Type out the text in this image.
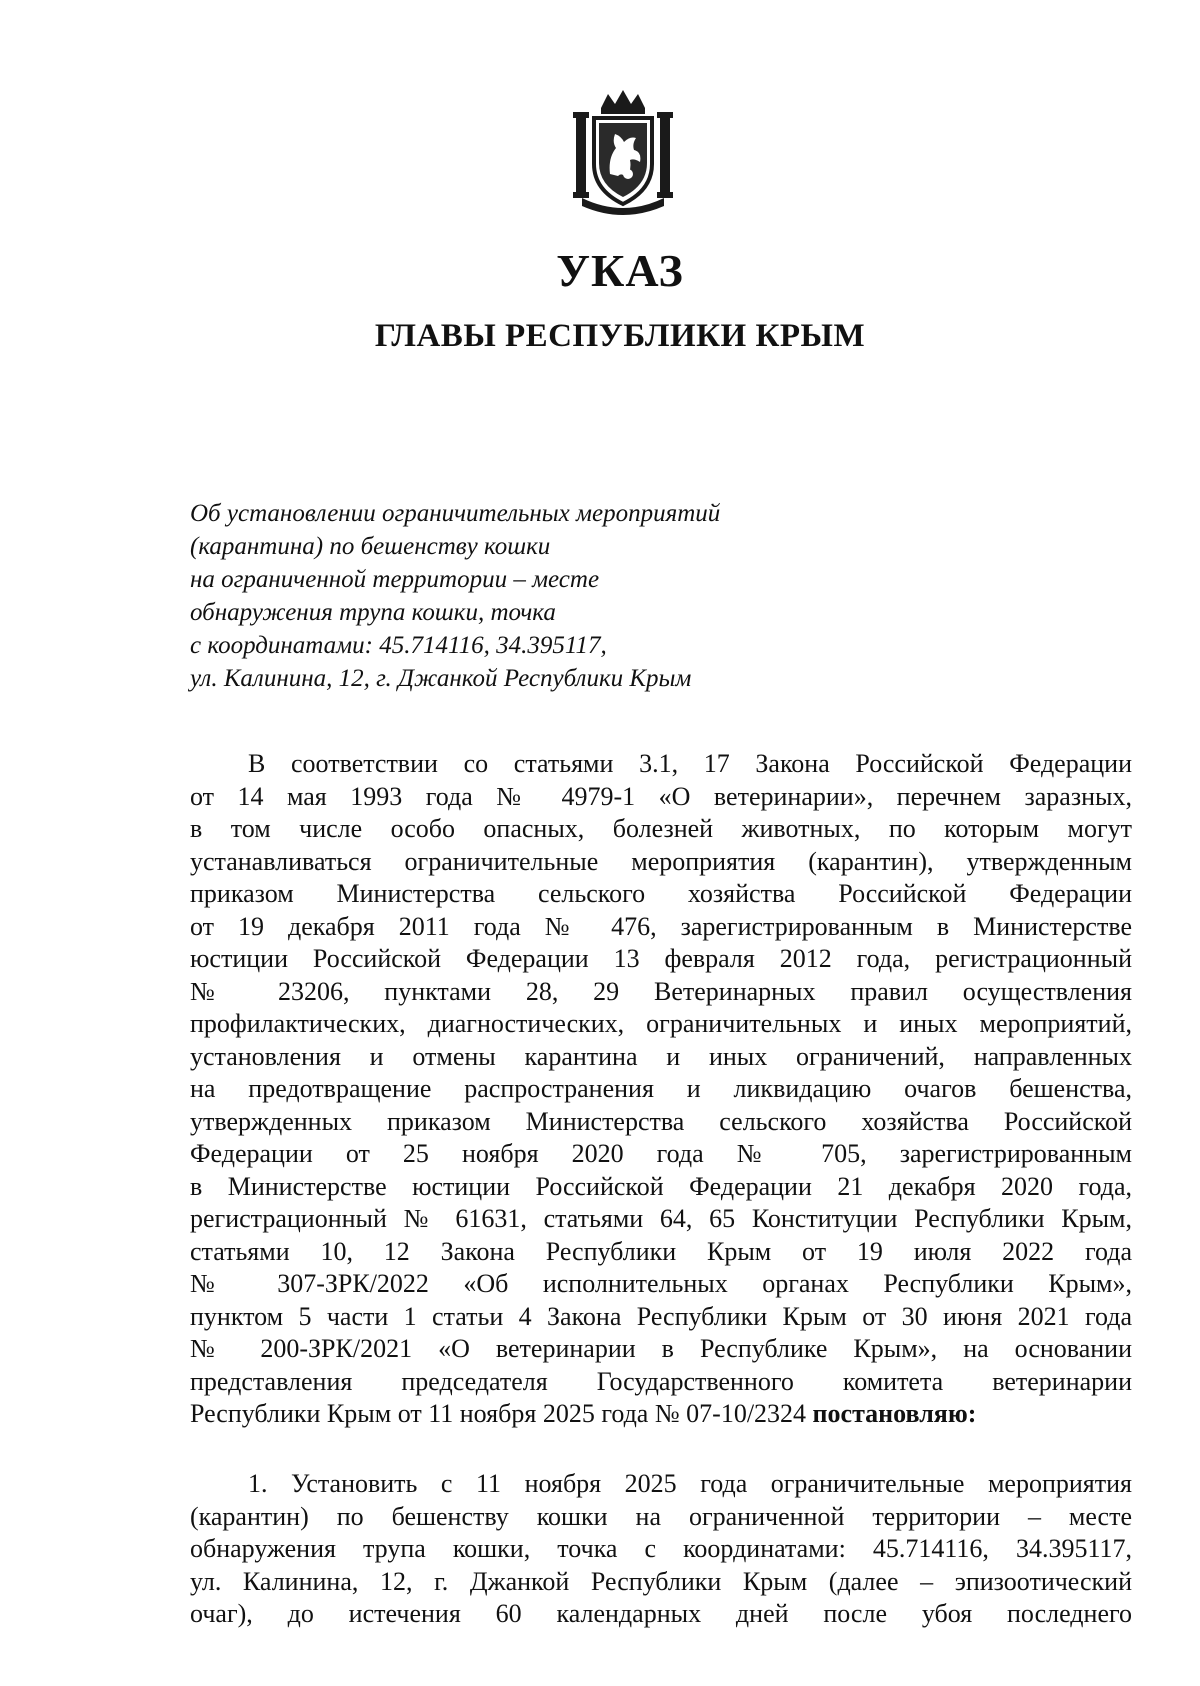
УКАЗ
ГЛАВЫ РЕСПУБЛИКИ КРЫМ
Об установлении ограничительных мероприятий
(карантина) по бешенству кошки
на ограниченной территории – месте
обнаружения трупа кошки, точка
с координатами: 45.714116, 34.395117,
ул. Калинина, 12, г. Джанкой Республики Крым
В соответствии со статьями 3.1, 17 Закона Российской Федерации
от 14 мая 1993 года № 4979-1 «О ветеринарии», перечнем заразных,
в том числе особо опасных, болезней животных, по которым могут
устанавливаться ограничительные мероприятия (карантин), утвержденным
приказом Министерства сельского хозяйства Российской Федерации
от 19 декабря 2011 года № 476, зарегистрированным в Министерстве
юстиции Российской Федерации 13 февраля 2012 года, регистрационный
№ 23206, пунктами 28, 29 Ветеринарных правил осуществления
профилактических, диагностических, ограничительных и иных мероприятий,
установления и отмены карантина и иных ограничений, направленных
на предотвращение распространения и ликвидацию очагов бешенства,
утвержденных приказом Министерства сельского хозяйства Российской
Федерации от 25 ноября 2020 года № 705, зарегистрированным
в Министерстве юстиции Российской Федерации 21 декабря 2020 года,
регистрационный № 61631, статьями 64, 65 Конституции Республики Крым,
статьями 10, 12 Закона Республики Крым от 19 июля 2022 года
№ 307-ЗРК/2022 «Об исполнительных органах Республики Крым»,
пунктом 5 части 1 статьи 4 Закона Республики Крым от 30 июня 2021 года
№ 200-ЗРК/2021 «О ветеринарии в Республике Крым», на основании
представления председателя Государственного комитета ветеринарии
Республики Крым от 11 ноября 2025 года № 07-10/2324 постановляю:
1. Установить с 11 ноября 2025 года ограничительные мероприятия
(карантин) по бешенству кошки на ограниченной территории – месте
обнаружения трупа кошки, точка с координатами: 45.714116, 34.395117,
ул. Калинина, 12, г. Джанкой Республики Крым (далее – эпизоотический
очаг), до истечения 60 календарных дней после убоя последнего
